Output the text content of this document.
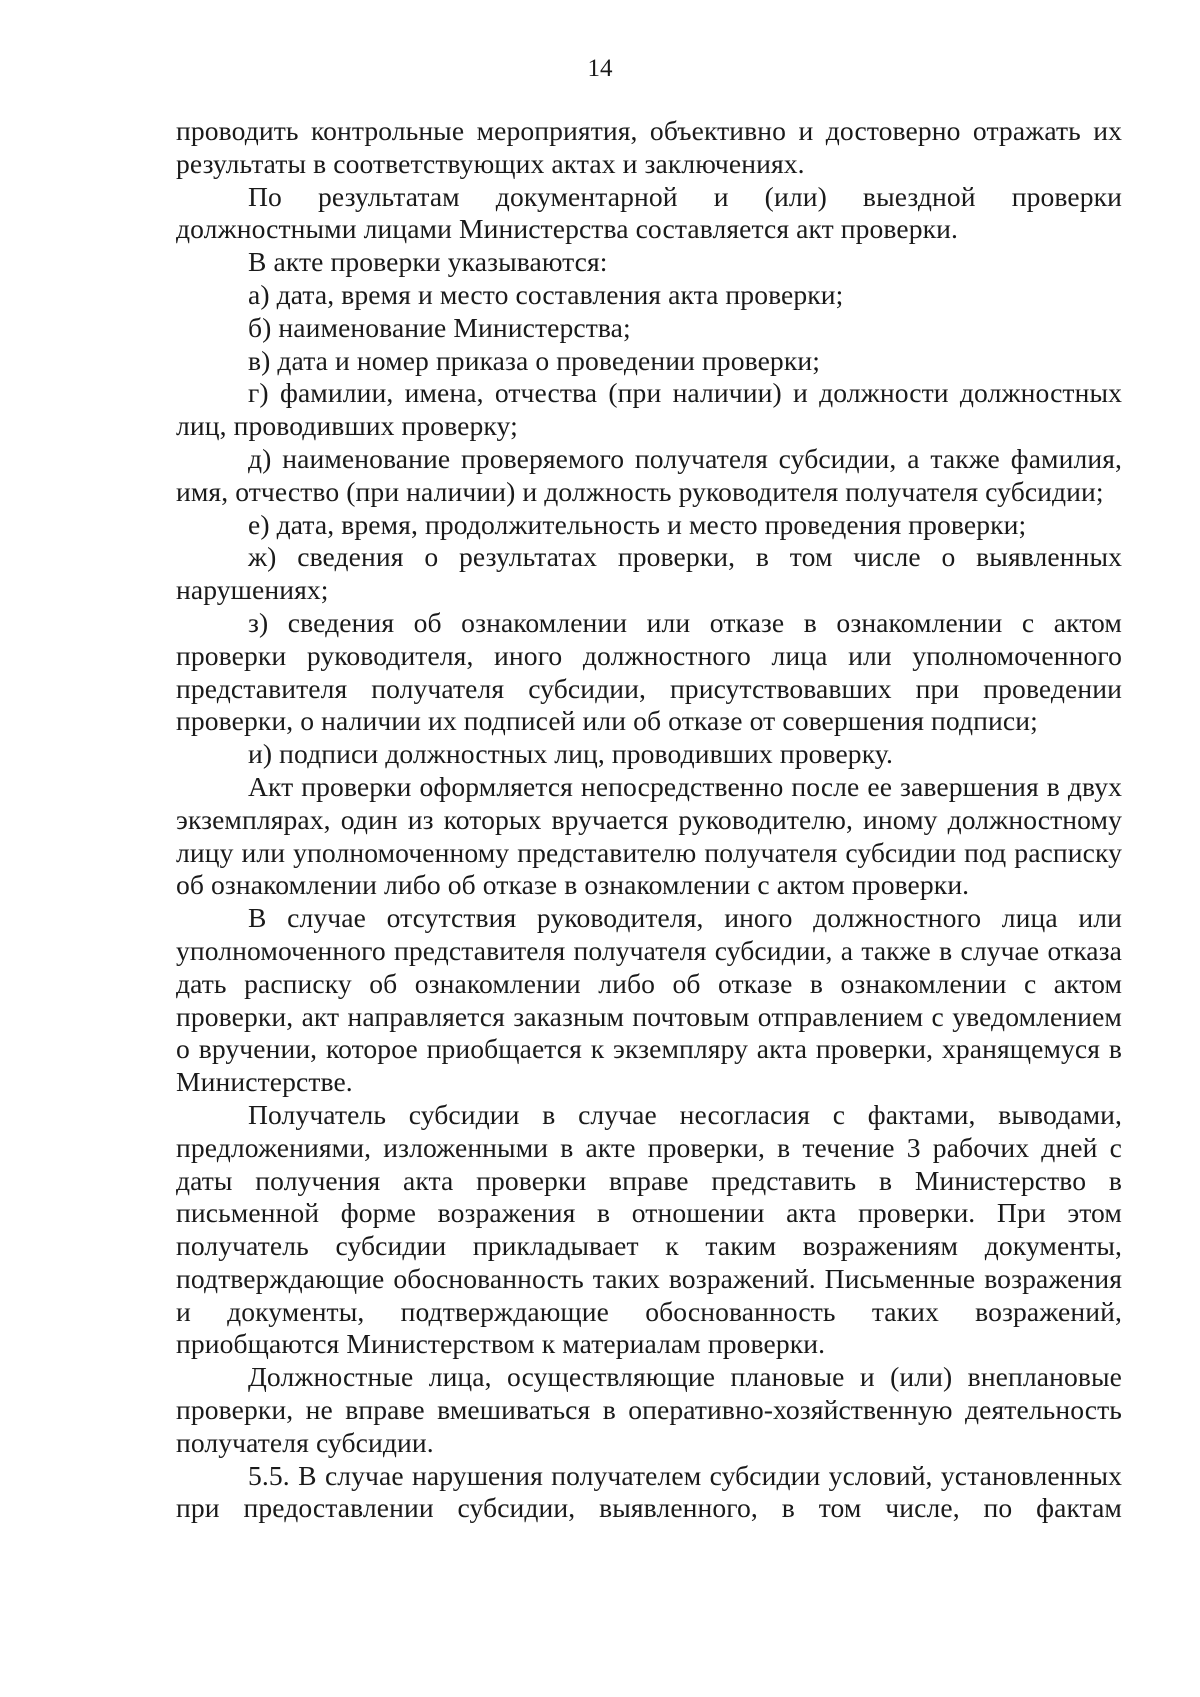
14

проводить контрольные мероприятия, объективно и достоверно отражать их результаты в соответствующих актах и заключениях.

По результатам документарной и (или) выездной проверки должностными лицами Министерства составляется акт проверки.

В акте проверки указываются:

а) дата, время и место составления акта проверки;

б) наименование Министерства;

в) дата и номер приказа о проведении проверки;

г) фамилии, имена, отчества (при наличии) и должности должностных лиц, проводивших проверку;

д) наименование проверяемого получателя субсидии, а также фамилия, имя, отчество (при наличии) и должность руководителя получателя субсидии;

е) дата, время, продолжительность и место проведения проверки;

ж) сведения о результатах проверки, в том числе о выявленных нарушениях;

з) сведения об ознакомлении или отказе в ознакомлении с актом проверки руководителя, иного должностного лица или уполномоченного представителя получателя субсидии, присутствовавших при проведении проверки, о наличии их подписей или об отказе от совершения подписи;

и) подписи должностных лиц, проводивших проверку.

Акт проверки оформляется непосредственно после ее завершения в двух экземплярах, один из которых вручается руководителю, иному должностному лицу или уполномоченному представителю получателя субсидии под расписку об ознакомлении либо об отказе в ознакомлении с актом проверки.

В случае отсутствия руководителя, иного должностного лица или уполномоченного представителя получателя субсидии, а также в случае отказа дать расписку об ознакомлении либо об отказе в ознакомлении с актом проверки, акт направляется заказным почтовым отправлением с уведомлением о вручении, которое приобщается к экземпляру акта проверки, хранящемуся в Министерстве.

Получатель субсидии в случае несогласия с фактами, выводами, предложениями, изложенными в акте проверки, в течение 3 рабочих дней с даты получения акта проверки вправе представить в Министерство в письменной форме возражения в отношении акта проверки. При этом получатель субсидии прикладывает к таким возражениям документы, подтверждающие обоснованность таких возражений. Письменные возражения и документы, подтверждающие обоснованность таких возражений, приобщаются Министерством к материалам проверки.

Должностные лица, осуществляющие плановые и (или) внеплановые проверки, не вправе вмешиваться в оперативно-хозяйственную деятельность получателя субсидии.

5.5. В случае нарушения получателем субсидии условий, установленных при предоставлении субсидии, выявленного, в том числе, по фактам
